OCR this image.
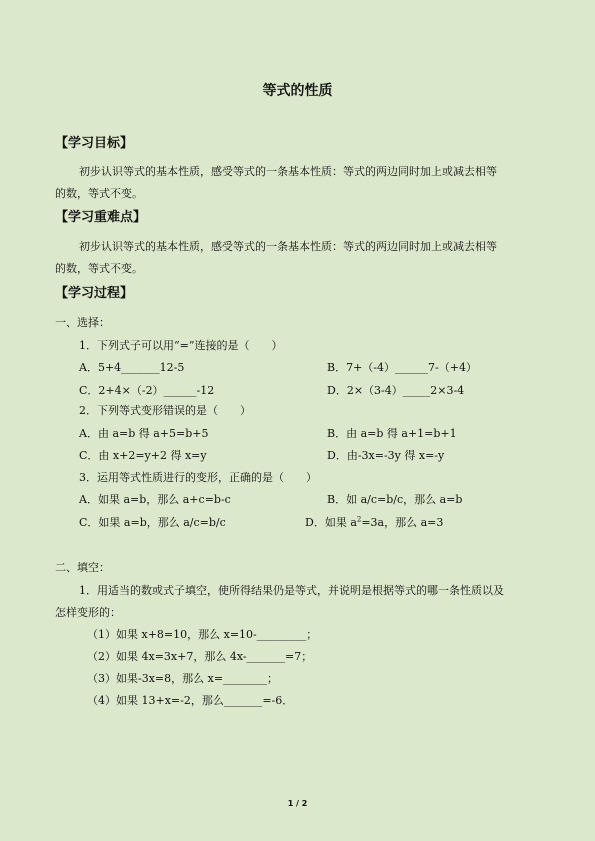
等式的性质
【学习目标】
初步认识等式的基本性质，感受等式的一条基本性质：等式的两边同时加上或减去相等
的数，等式不变。
【学习重难点】
初步认识等式的基本性质，感受等式的一条基本性质：等式的两边同时加上或减去相等
的数，等式不变。
【学习过程】
一、选择：
1．下列式子可以用“=”连接的是（　　）
A．5+4_______12-5	B．7+（-4）______7-（+4）
C．2+4×（-2）______-12	D．2×（3-4）_____2×3-4
2．下列等式变形错误的是（　　）
A．由 a=b 得 a+5=b+5	B．由 a=b 得 a+1=b+1
C．由 x+2=y+2 得 x=y	D．由-3x=-3y 得 x=-y
3．运用等式性质进行的变形，正确的是（　　）
A．如果 a=b，那么 a+c=b-c	B．如 a/c=b/c，那么 a=b
C．如果 a=b，那么 a/c=b/c	D．如果 $a^2=3a$，那么 a=3
二、填空：
1．用适当的数或式子填空，使所得结果仍是等式，并说明是根据等式的哪一条性质以及
怎样变形的：
（1）如果 x+8=10，那么 x=10-_________；
（2）如果 4x=3x+7，那么 4x-_______=7；
（3）如果-3x=8，那么 x=________；
（4）如果 13+x=-2，那么_______=-6．
1 / 2
